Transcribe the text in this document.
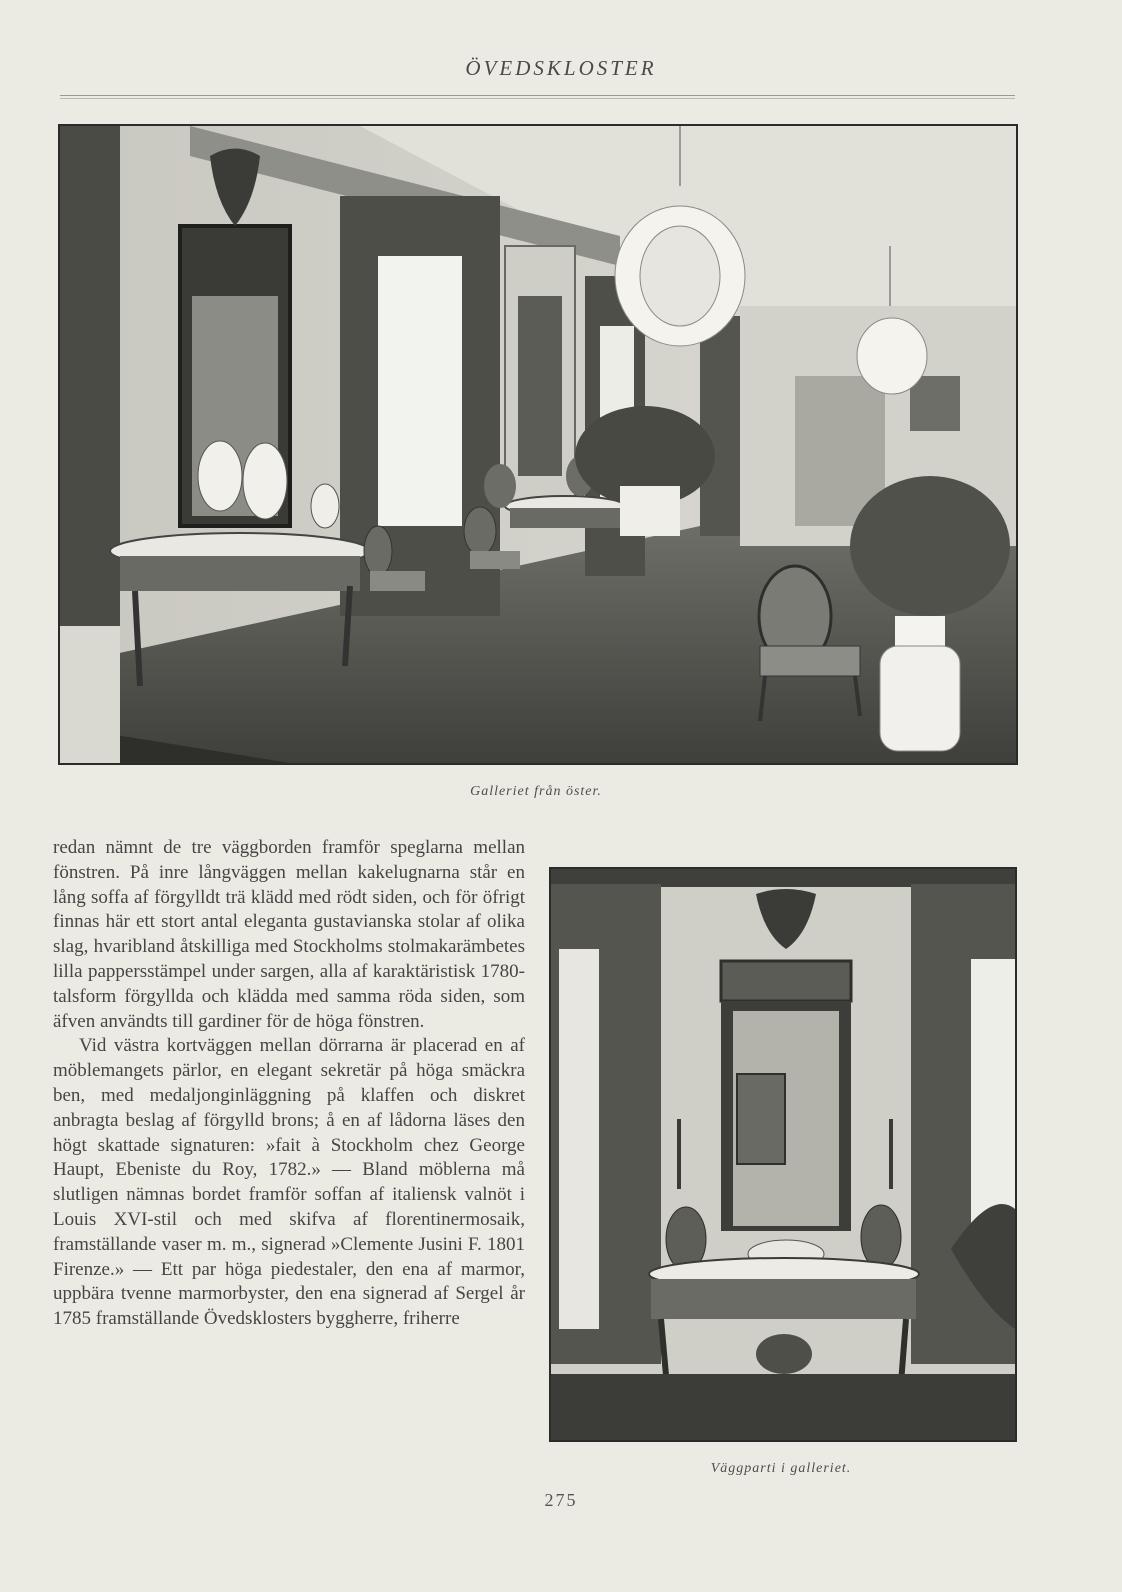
ÖVEDSKLOSTER
Galleriet från öster.

redan nämnt de tre väggborden framför speglarna mellan fönstren. På inre långväggen mellan kakelugnarna står en lång soffa af förgylldt trä klädd med rödt siden, och för öfrigt finnas här ett stort antal eleganta gustavianska stolar af olika slag, hvaribland åtskilliga med Stockholms stolmakarämbetes lilla pappersstämpel under sargen, alla af karaktäristisk 1780-talsform förgyllda och klädda med samma röda siden, som äfven användts till gardiner för de höga fönstren.

Vid västra kortväggen mellan dörrarna är placerad en af möblemangets pärlor, en elegant sekretär på höga smäckra ben, med medaljonginläggning på klaffen och diskret anbragta beslag af förgylld brons; å en af lådorna läses den högt skattade signaturen: »fait à Stockholm chez George Haupt, Ebeniste du Roy, 1782.» — Bland möblerna må slutligen nämnas bordet framför soffan af italiensk valnöt i Louis XVI-stil och med skifva af florentinermosaik, framställande vaser m. m., signerad »Clemente Jusini F. 1801 Firenze.» — Ett par höga piedestaler, den ena af marmor, uppbära tvenne marmorbyster, den ena signerad af Sergel år 1785 framställande Övedsklosters byggherre, friherre

Väggparti i galleriet.
275
